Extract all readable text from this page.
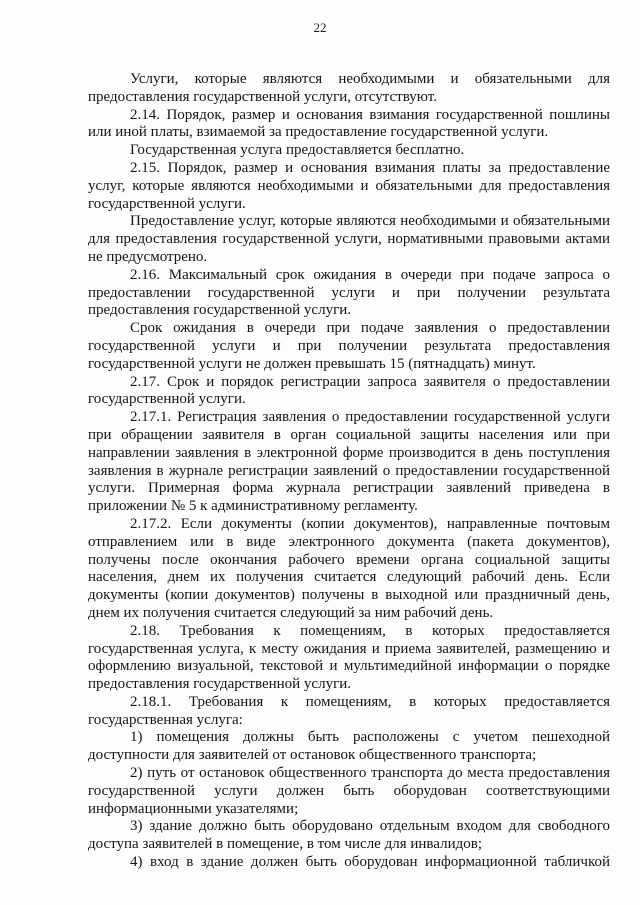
22

Услуги, которые являются необходимыми и обязательными для предоставления государственной услуги, отсутствуют.

2.14. Порядок, размер и основания взимания государственной пошлины или иной платы, взимаемой за предоставление государственной услуги.

Государственная услуга предоставляется бесплатно.

2.15. Порядок, размер и основания взимания платы за предоставление услуг, которые являются необходимыми и обязательными для предоставления государственной услуги.

Предоставление услуг, которые являются необходимыми и обязательными для предоставления государственной услуги, нормативными правовыми актами не предусмотрено.

2.16. Максимальный срок ожидания в очереди при подаче запроса о предоставлении государственной услуги и при получении результата предоставления государственной услуги.

Срок ожидания в очереди при подаче заявления о предоставлении государственной услуги и при получении результата предоставления государственной услуги не должен превышать 15 (пятнадцать) минут.

2.17. Срок и порядок регистрации запроса заявителя о предоставлении государственной услуги.

2.17.1. Регистрация заявления о предоставлении государственной услуги при обращении заявителя в орган социальной защиты населения или при направлении заявления в электронной форме производится в день поступления заявления в журнале регистрации заявлений о предоставлении государственной услуги. Примерная форма журнала регистрации заявлений приведена в приложении № 5 к административному регламенту.

2.17.2. Если документы (копии документов), направленные почтовым отправлением или в виде электронного документа (пакета документов), получены после окончания рабочего времени органа социальной защиты населения, днем их получения считается следующий рабочий день. Если документы (копии документов) получены в выходной или праздничный день, днем их получения считается следующий за ним рабочий день.

2.18. Требования к помещениям, в которых предоставляется государственная услуга, к месту ожидания и приема заявителей, размещению и оформлению визуальной, текстовой и мультимедийной информации о порядке предоставления государственной услуги.

2.18.1. Требования к помещениям, в которых предоставляется государственная услуга:

1) помещения должны быть расположены с учетом пешеходной доступности для заявителей от остановок общественного транспорта;

2) путь от остановок общественного транспорта до места предоставления государственной услуги должен быть оборудован соответствующими информационными указателями;

3) здание должно быть оборудовано отдельным входом для свободного доступа заявителей в помещение, в том числе для инвалидов;

4) вход в здание должен быть оборудован информационной табличкой
